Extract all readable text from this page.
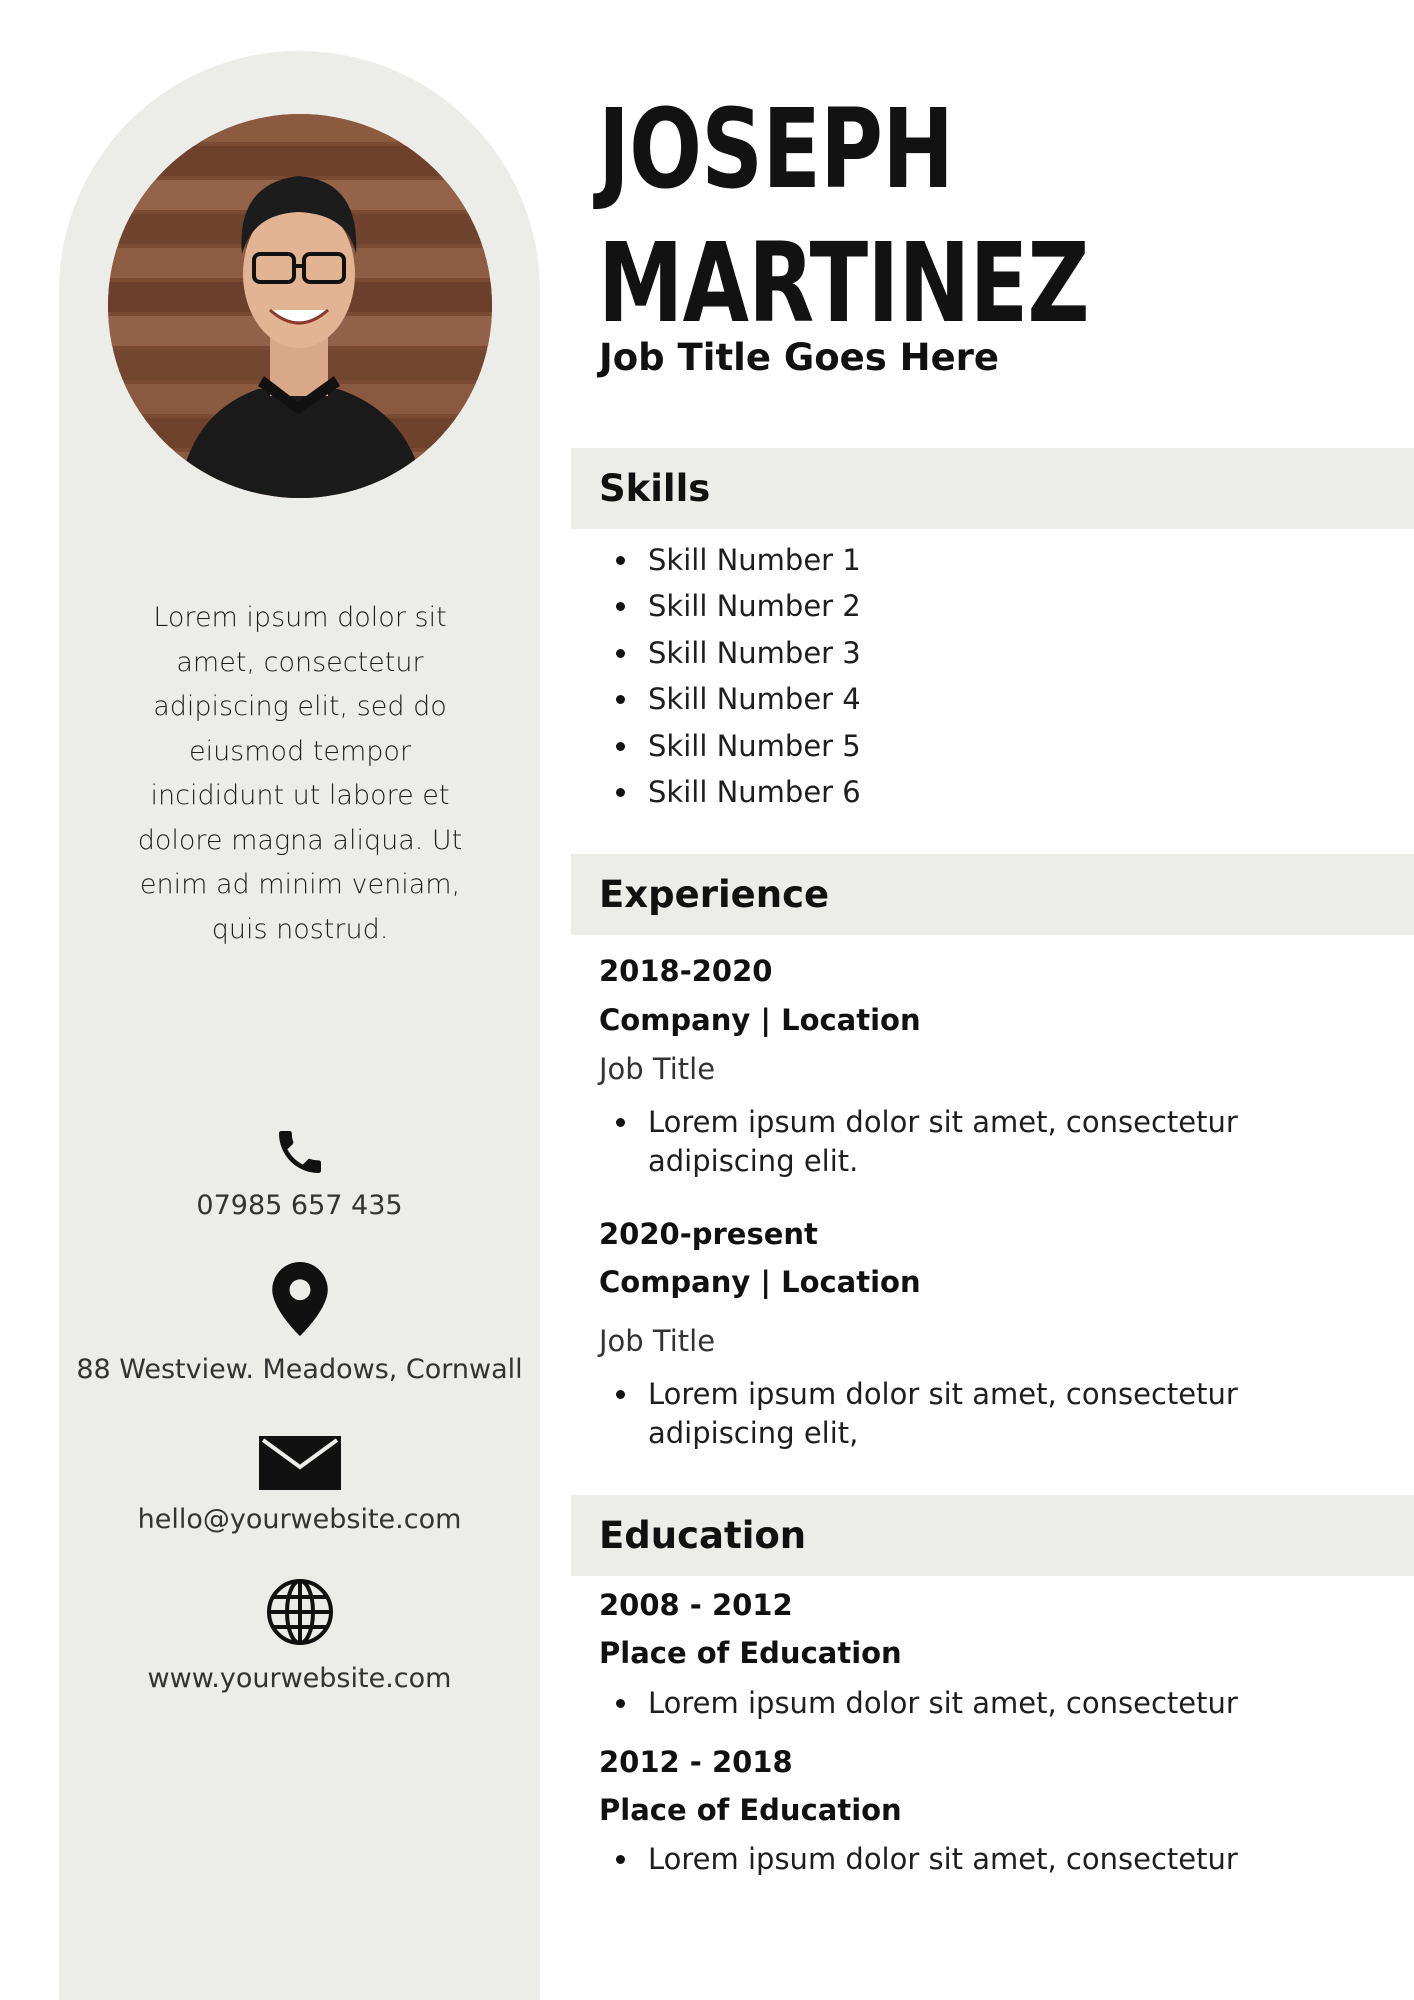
Lorem ipsum dolor sit
amet, consectetur
adipiscing elit, sed do
eiusmod tempor
incididunt ut labore et
dolore magna aliqua. Ut
enim ad minim veniam,
quis nostrud.
07985 657 435
88 Westview. Meadows, Cornwall
hello@yourwebsite.com
www.yourwebsite.com
JOSEPH
MARTINEZ
Job Title Goes Here
Skills
Skill Number 1
Skill Number 2
Skill Number 3
Skill Number 4
Skill Number 5
Skill Number 6
Experience
2018-2020
Company | Location
Job Title
Lorem ipsum dolor sit amet, consectetur
adipiscing elit.
2020-present
Company | Location
Job Title
Lorem ipsum dolor sit amet, consectetur
adipiscing elit,
Education
2008 - 2012
Place of Education
Lorem ipsum dolor sit amet, consectetur
2012 - 2018
Place of Education
Lorem ipsum dolor sit amet, consectetur
